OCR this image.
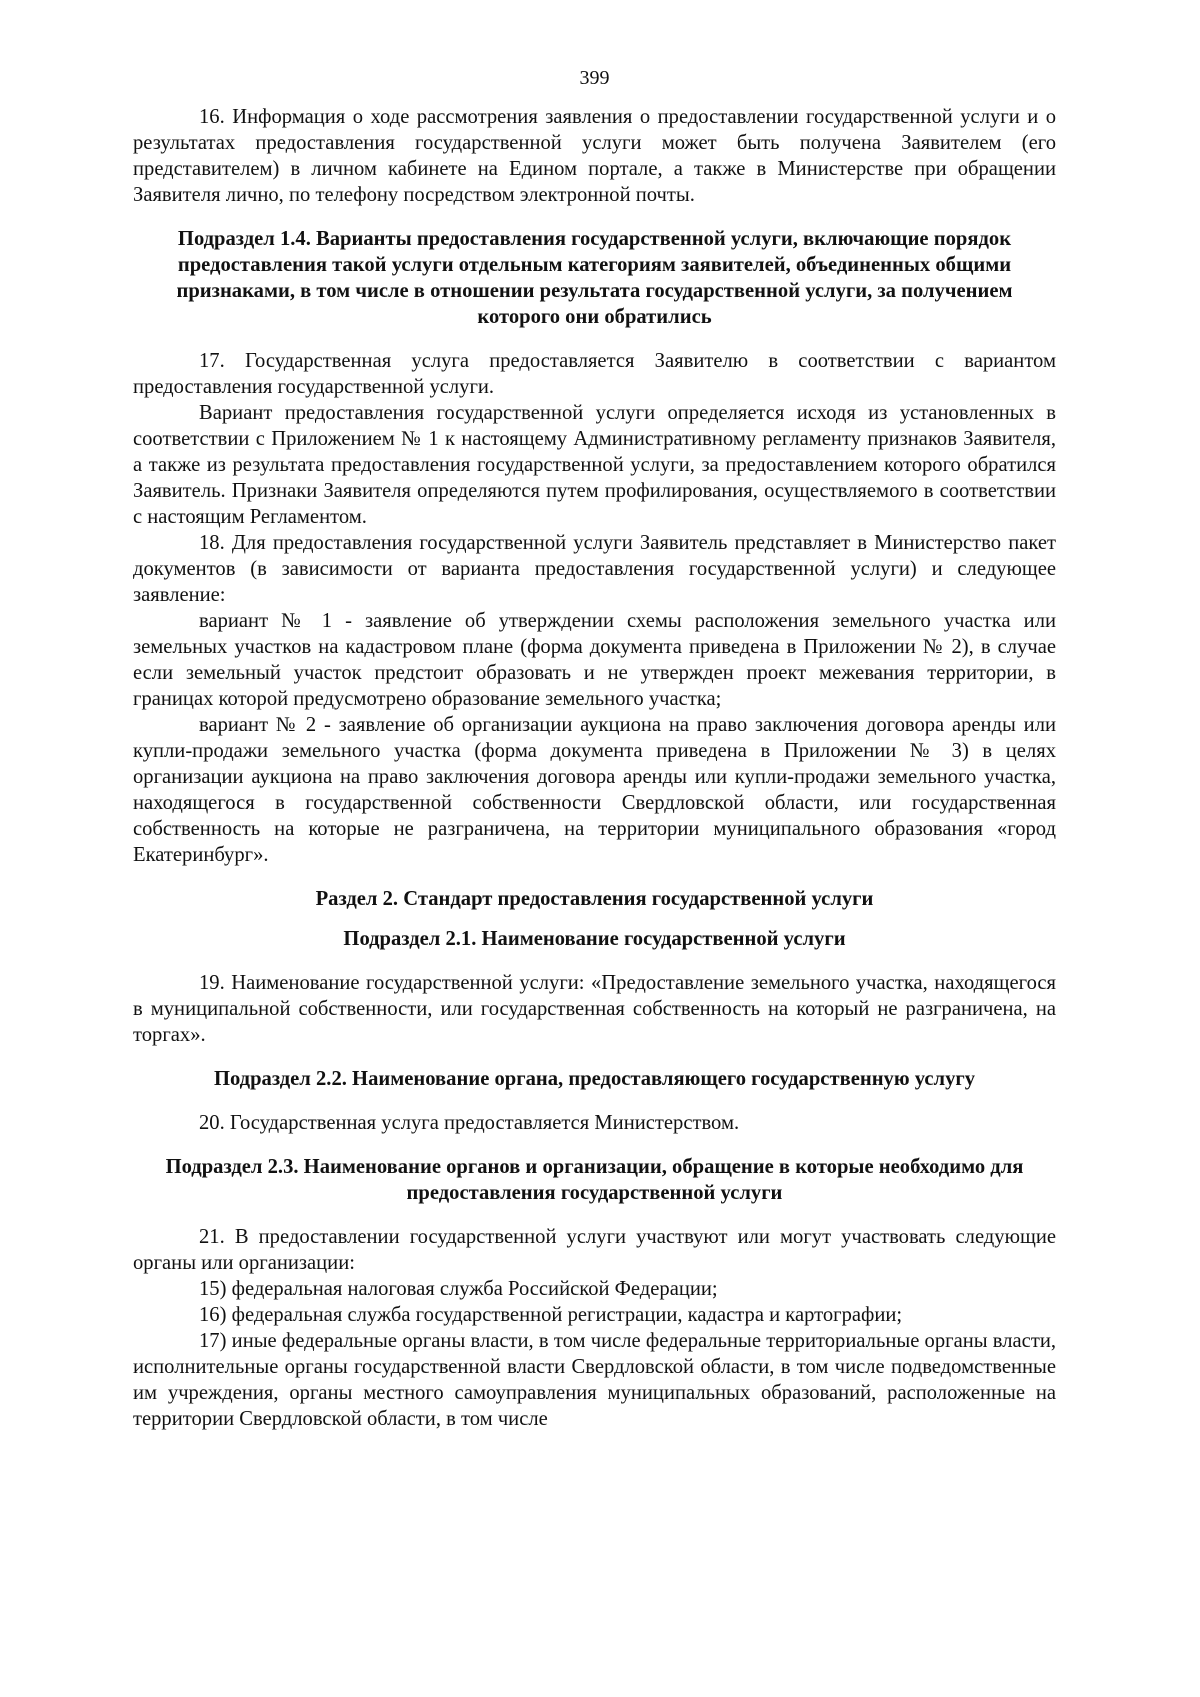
399

16. Информация о ходе рассмотрения заявления о предоставлении государственной услуги и о результатах предоставления государственной услуги может быть получена Заявителем (его представителем) в личном кабинете на Едином портале, а также в Министерстве при обращении Заявителя лично, по телефону посредством электронной почты.

Подраздел 1.4. Варианты предоставления государственной услуги, включающие порядок предоставления такой услуги отдельным категориям заявителей, объединенных общими признаками, в том числе в отношении результата государственной услуги, за получением которого они обратились

17. Государственная услуга предоставляется Заявителю в соответствии с вариантом предоставления государственной услуги.

Вариант предоставления государственной услуги определяется исходя из установленных в соответствии с Приложением № 1 к настоящему Административному регламенту признаков Заявителя, а также из результата предоставления государственной услуги, за предоставлением которого обратился Заявитель. Признаки Заявителя определяются путем профилирования, осуществляемого в соответствии с настоящим Регламентом.

18. Для предоставления государственной услуги Заявитель представляет в Министерство пакет документов (в зависимости от варианта предоставления государственной услуги) и следующее заявление:

вариант № 1 - заявление об утверждении схемы расположения земельного участка или земельных участков на кадастровом плане (форма документа приведена в Приложении № 2), в случае если земельный участок предстоит образовать и не утвержден проект межевания территории, в границах которой предусмотрено образование земельного участка;

вариант № 2 - заявление об организации аукциона на право заключения договора аренды или купли-продажи земельного участка (форма документа приведена в Приложении № 3) в целях организации аукциона на право заключения договора аренды или купли-продажи земельного участка, находящегося в государственной собственности Свердловской области, или государственная собственность на которые не разграничена, на территории муниципального образования «город Екатеринбург».

Раздел 2. Стандарт предоставления государственной услуги
Подраздел 2.1. Наименование государственной услуги

19. Наименование государственной услуги: «Предоставление земельного участка, находящегося в муниципальной собственности, или государственная собственность на который не разграничена, на торгах».

Подраздел 2.2. Наименование органа, предоставляющего государственную услугу

20. Государственная услуга предоставляется Министерством.

Подраздел 2.3. Наименование органов и организации, обращение в которые необходимо для предоставления государственной услуги

21. В предоставлении государственной услуги участвуют или могут участвовать следующие органы или организации:

15) федеральная налоговая служба Российской Федерации;

16) федеральная служба государственной регистрации, кадастра и картографии;

17) иные федеральные органы власти, в том числе федеральные территориальные органы власти, исполнительные органы государственной власти Свердловской области, в том числе подведомственные им учреждения, органы местного самоуправления муниципальных образований, расположенные на территории Свердловской области, в том числе
